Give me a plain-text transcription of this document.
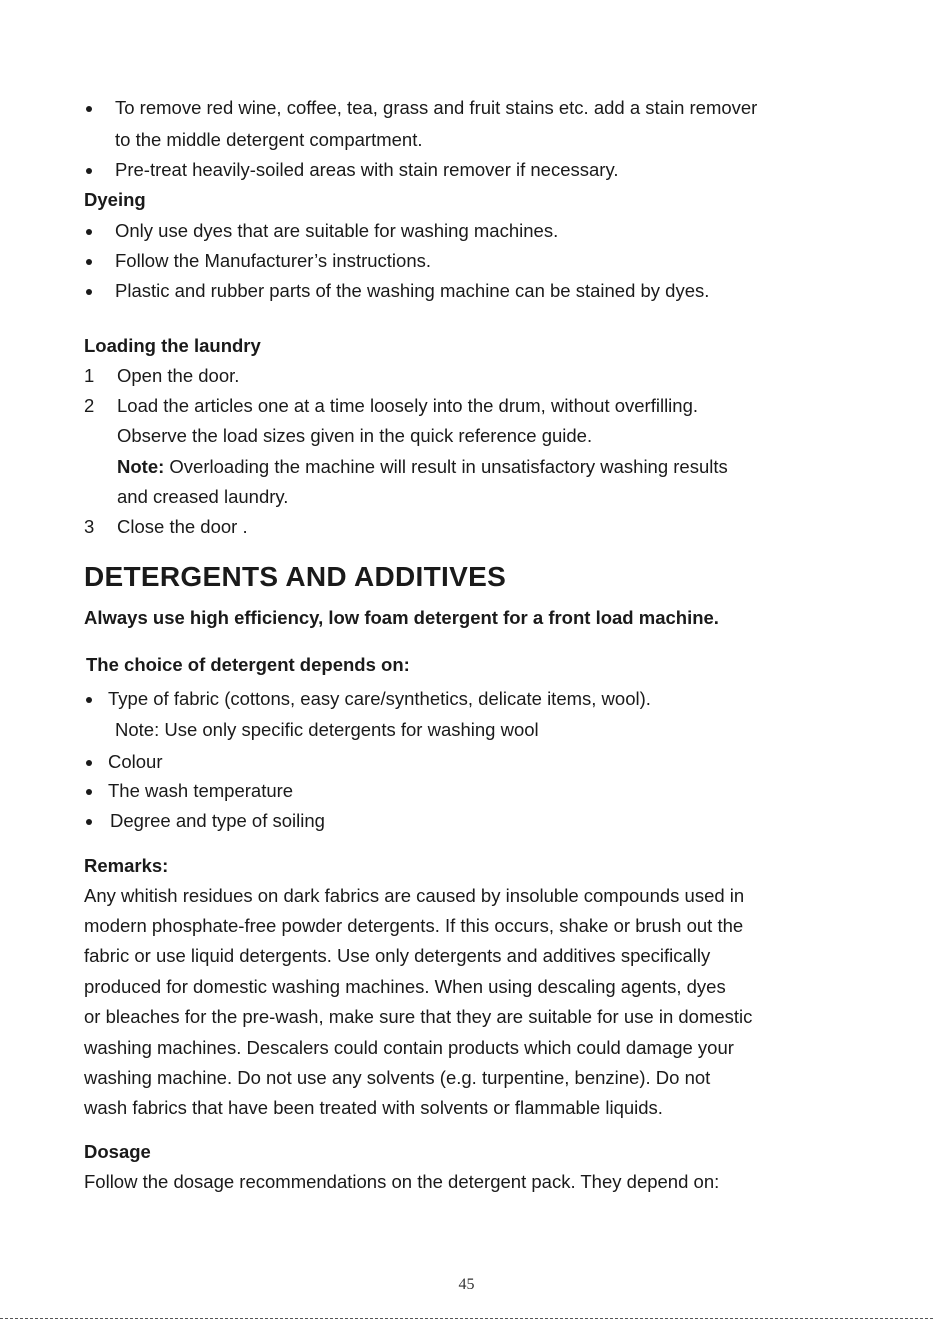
To remove red wine, coffee, tea, grass and fruit stains etc. add a stain remover
to the middle detergent compartment.
Pre-treat heavily-soiled areas with stain remover if necessary.
Dyeing
Only use dyes that are suitable for washing machines.
Follow the Manufacturer’s instructions.
Plastic and rubber parts of the washing machine can be stained by dyes.
Loading the laundry
1 Open the door.
2 Load the articles one at a time loosely into the drum, without overfilling.
Observe the load sizes given in the quick reference guide.
Note: Overloading the machine will result in unsatisfactory washing results
and creased laundry.
3 Close the door .
DETERGENTS AND ADDITIVES
Always use high efficiency, low foam detergent for a front load machine.
The choice of detergent depends on:
Type of fabric (cottons, easy care/synthetics, delicate items, wool).
Note: Use only specific detergents for washing wool
Colour
The wash temperature
Degree and type of soiling
Remarks:
Any whitish residues on dark fabrics are caused by insoluble compounds used in
modern phosphate-free powder detergents. If this occurs, shake or brush out the
fabric or use liquid detergents. Use only detergents and additives specifically
produced for domestic washing machines. When using descaling agents, dyes
or bleaches for the pre-wash, make sure that they are suitable for use in domestic
washing machines. Descalers could contain products which could damage your
washing machine. Do not use any solvents (e.g. turpentine, benzine). Do not
wash fabrics that have been treated with solvents or flammable liquids.
Dosage
Follow the dosage recommendations on the detergent pack. They depend on:
45
